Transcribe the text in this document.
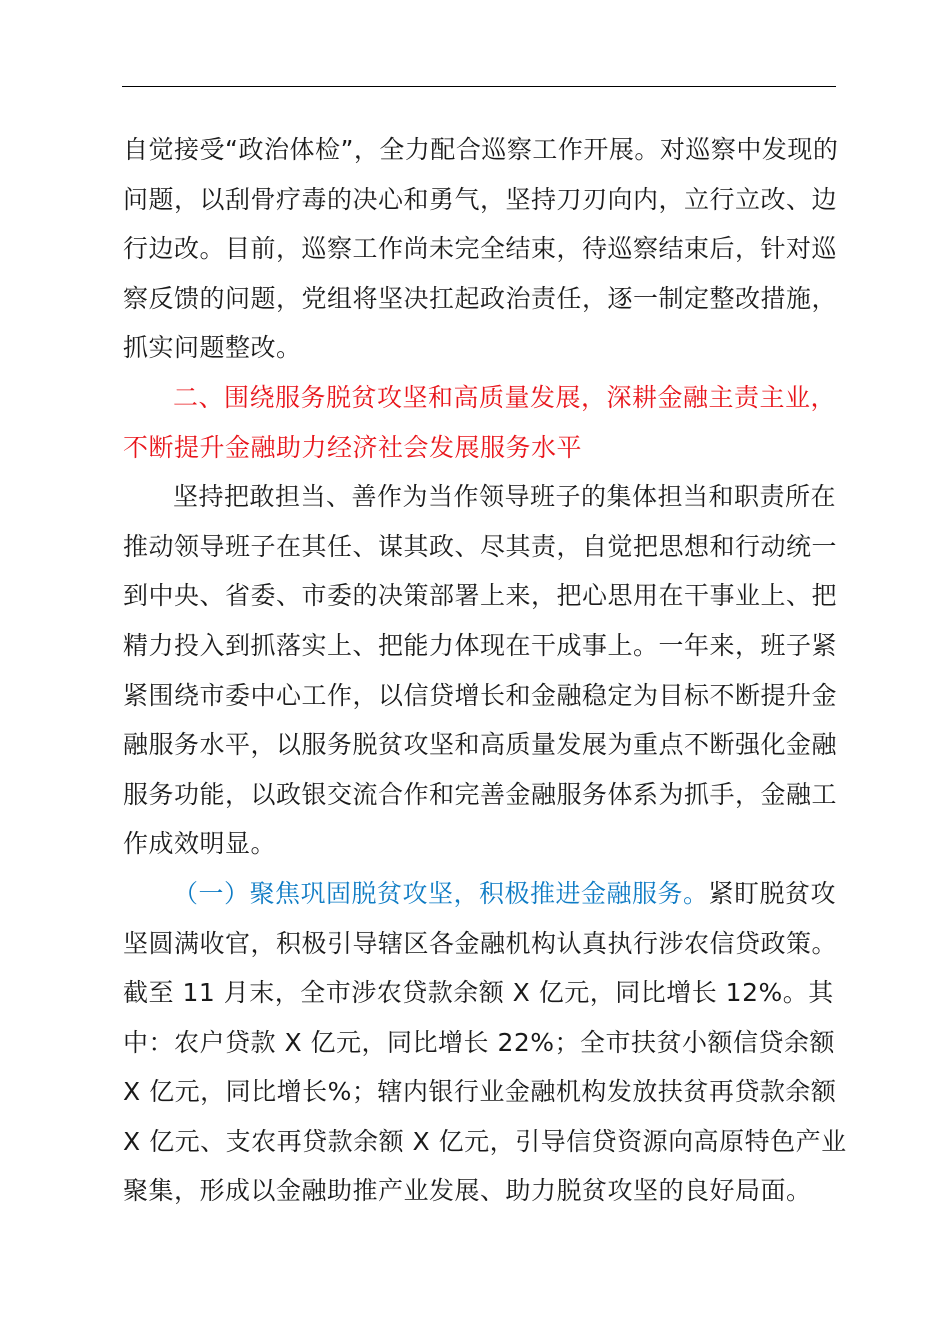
自觉接受“政治体检”，全力配合巡察工作开展。对巡察中发现的
问题，以刮骨疗毒的决心和勇气，坚持刀刃向内，立行立改、边
行边改。目前，巡察工作尚未完全结束，待巡察结束后，针对巡
察反馈的问题，党组将坚决扛起政治责任，逐一制定整改措施，
抓实问题整改。
二、围绕服务脱贫攻坚和高质量发展，深耕金融主责主业，
不断提升金融助力经济社会发展服务水平
坚持把敢担当、善作为当作领导班子的集体担当和职责所在
推动领导班子在其任、谋其政、尽其责，自觉把思想和行动统一
到中央、省委、市委的决策部署上来，把心思用在干事业上、把
精力投入到抓落实上、把能力体现在干成事上。一年来，班子紧
紧围绕市委中心工作，以信贷增长和金融稳定为目标不断提升金
融服务水平，以服务脱贫攻坚和高质量发展为重点不断强化金融
服务功能，以政银交流合作和完善金融服务体系为抓手，金融工
作成效明显。
（一）聚焦巩固脱贫攻坚，积极推进金融服务。紧盯脱贫攻
坚圆满收官，积极引导辖区各金融机构认真执行涉农信贷政策。
截至 11 月末，全市涉农贷款余额 X 亿元，同比增长 12%。其
中：农户贷款 X 亿元，同比增长 22%；全市扶贫小额信贷余额
X 亿元，同比增长%；辖内银行业金融机构发放扶贫再贷款余额
X 亿元、支农再贷款余额 X 亿元，引导信贷资源向高原特色产业
聚集，形成以金融助推产业发展、助力脱贫攻坚的良好局面。
